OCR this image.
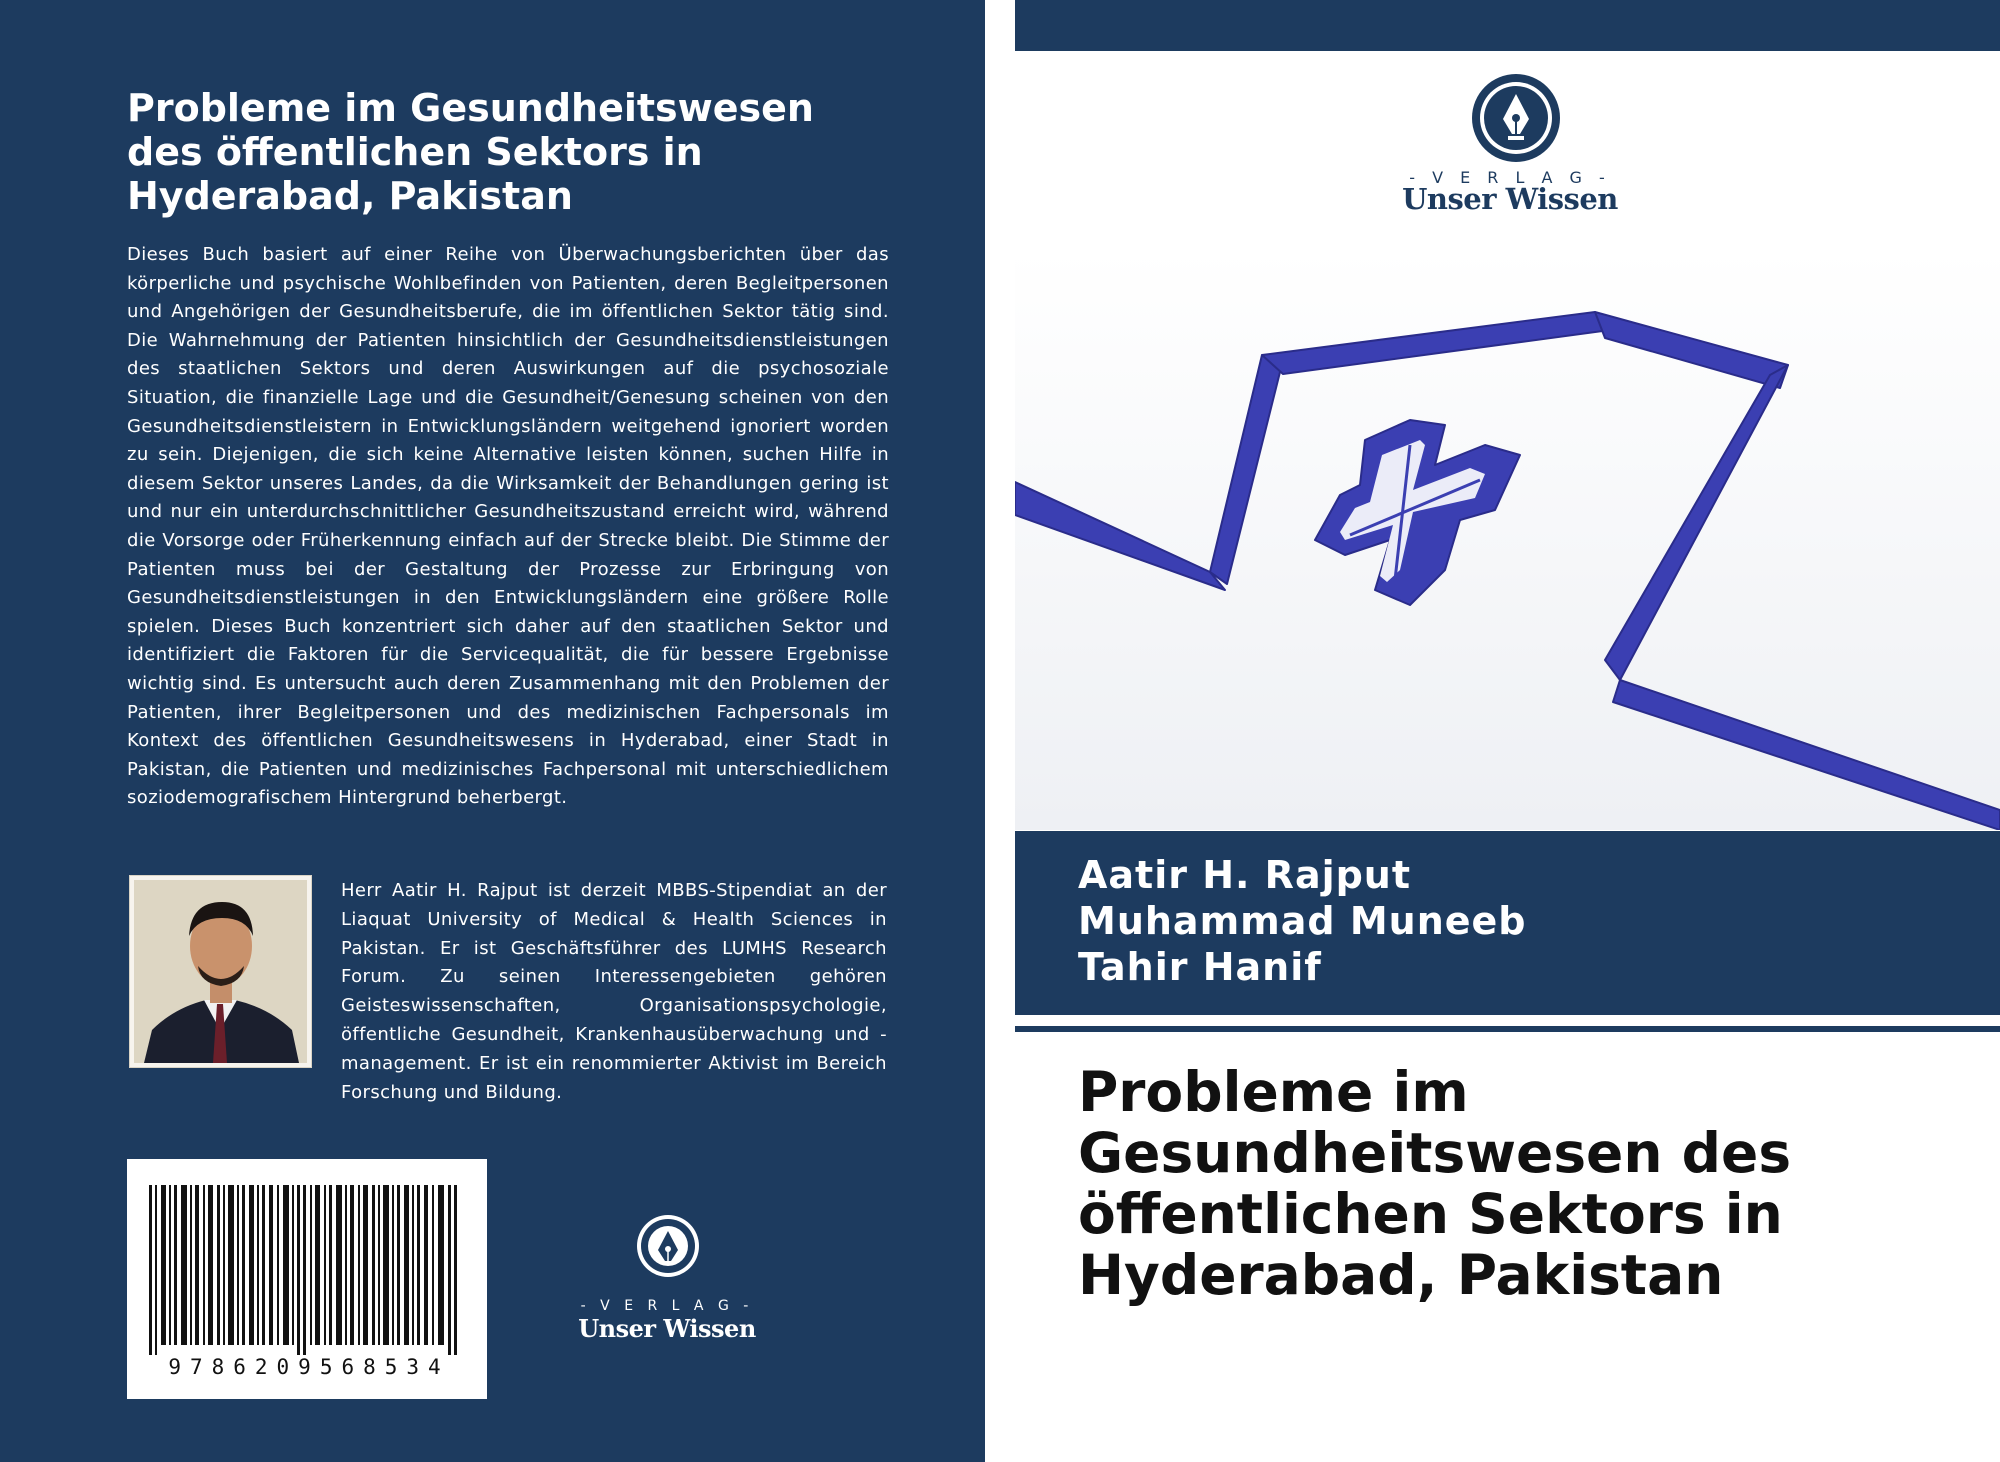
Probleme im Gesundheitswesen des öffentlichen Sektors in Hyderabad, Pakistan

Dieses Buch basiert auf einer Reihe von Überwachungsberichten über das körperliche und psychische Wohlbefinden von Patienten, deren Begleitpersonen und Angehörigen der Gesundheitsberufe, die im öffentlichen Sektor tätig sind. Die Wahrnehmung der Patienten hinsichtlich der Gesundheitsdienstleistungen des staatlichen Sektors und deren Auswirkungen auf die psychosoziale Situation, die finanzielle Lage und die Gesundheit/Genesung scheinen von den Gesundheitsdienstleistern in Entwicklungsländern weitgehend ignoriert worden zu sein. Diejenigen, die sich keine Alternative leisten können, suchen Hilfe in diesem Sektor unseres Landes, da die Wirksamkeit der Behandlungen gering ist und nur ein unterdurchschnittlicher Gesundheitszustand erreicht wird, während die Vorsorge oder Früherkennung einfach auf der Strecke bleibt. Die Stimme der Patienten muss bei der Gestaltung der Prozesse zur Erbringung von Gesundheitsdienstleistungen in den Entwicklungsländern eine größere Rolle spielen. Dieses Buch konzentriert sich daher auf den staatlichen Sektor und identifiziert die Faktoren für die Servicequalität, die für bessere Ergebnisse wichtig sind. Es untersucht auch deren Zusammenhang mit den Problemen der Patienten, ihrer Begleitpersonen und des medizinischen Fachpersonals im Kontext des öffentlichen Gesundheitswesens in Hyderabad, einer Stadt in Pakistan, die Patienten und medizinisches Fachpersonal mit unterschiedlichem soziodemografischem Hintergrund beherbergt.

Herr Aatir H. Rajput ist derzeit MBBS-Stipendiat an der Liaquat University of Medical & Health Sciences in Pakistan. Er ist Geschäftsführer des LUMHS Research Forum. Zu seinen Interessengebieten gehören Geisteswissenschaften, Organisationspsychologie, öffentliche Gesundheit, Krankenhausüberwachung und -management. Er ist ein renommierter Aktivist im Bereich Forschung und Bildung.

9786209568534
- V E R L A G -
Unser Wissen
- V E R L A G -
Unser Wissen
Aatir H. Rajput
Muhammad Muneeb
Tahir Hanif
Probleme im Gesundheitswesen des öffentlichen Sektors in Hyderabad, Pakistan
